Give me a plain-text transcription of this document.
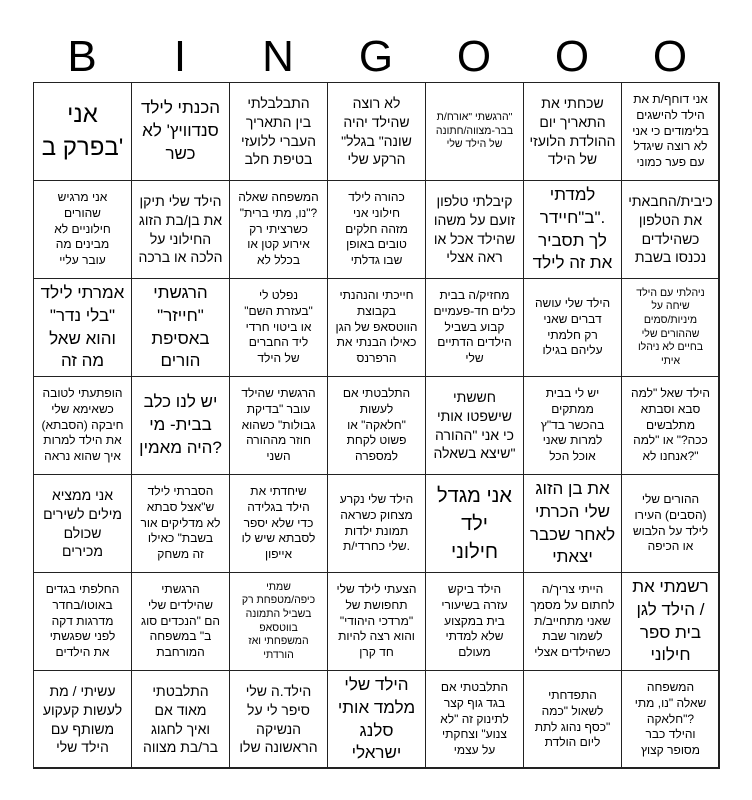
B	I	N	G	O	O	O
אני דוחף/ת את
הילד להישגים
בלימודים כי אני
לא רוצה שיגדל
עם פער כמוני
שכחתי את
התאריך יום
ההולדת הלועזי
של הילד
"הרגשתי "אורח/ת
בבר-מצווה/חתונה
של הילד שלי
לא רוצה
שהילד יהיה
שונה" בגלל"
הרקע שלי
התבלבלתי
בין התאריך
העברי ללועזי
בטיפת חלב
הכנתי לילד
סנדוויץ' לא
כשר
אני
'בפרק ב
כיבית/החבאתי
את הטלפון
כשהילדים
נכנסו בשבת
למדתי
."ב"חיידר
לך תסביר
את זה לילד
קיבלתי טלפון
זועם על משהו
שהילד אכל או
ראה אצלי
כהורה לילד
חילוני אני
מזהה חלקים
טובים באופן
שבו גדלתי
המשפחה שאלה
?"נו, מתי ברית"
כשרציתי רק
אירוע קטן או
בכלל לא
הילד שלי תיקן
את בן/בת הזוג
החילוני על
הלכה או ברכה
אני מרגיש
שהורים
חילוניים לא
מבינים מה
עובר עליי
ניהלתי עם הילד
שיחה על
מיניות/סמים
שההורים שלי
בחיים לא ניהלו
איתי
הילד שלי עושה
דברים שאני
רק חלמתי
עליהם בגילו
מחזיק/ה בבית
כלים חד-פעמיים
קבוע בשביל
הילדים הדתיים
שלי
חייכתי והנהנתי
בקבוצת
הווטסאפ של הגן
כאילו הבנתי את
הרפרנס
נפלט לי
"בעזרת השם"
או ביטוי חרדי
ליד החברים
של הילד
הרגשתי
"חייזר"
באסיפת
הורים
אמרתי לילד
"בלי נדר"
והוא שאל
מה זה
הילד שאל "למה
סבא וסבתא
מתלבשים
ככה?" או "למה
"?אנחנו לא
יש לי בבית
ממתקים
בהכשר בד"ץ
למרות שאני
אוכל הכל
חששתי
שישפטו אותי
כי אני "ההורה
"שיצא בשאלה
התלבטתי אם
לעשות
"חלאקה" או
פשוט לקחת
למספרה
הרגשתי שהילד
עובר "בדיקת
גבולות" כשהוא
חוזר מההורה
השני
יש לנו כלב
בבית- מי
?היה מאמין
הופתעתי לטובה
כשאימא שלי
חיבקה (הסבתא)
את הילד למרות
איך שהוא נראה
ההורים שלי
(הסבים) העירו
לילד על הלבוש
או הכיפה
את בן הזוג
שלי הכרתי
לאחר שכבר
יצאתי
אני מגדל
ילד
חילוני
הילד שלי נקרע
מצחוק כשראה
תמונת ילדות
.שלי כחרדי/ת
שיחדתי את
הילד בגלידה
כדי שלא יספר
לסבתא שיש לו
אייפון
הסברתי לילד
ש"אצל סבתא
לא מדליקים אור
בשבת" כאילו
זה משחק
אני ממציא
מילים לשירים
שכולם
מכירים
רשמתי את
/ הילד לגן
בית ספר
חילוני
הייתי צריך/ה
לחתום על מסמך
שאני מתחייב/ת
לשמור שבת
כשהילדים אצלי
הילד ביקש
עזרה בשיעורי
בית במקצוע
שלא למדתי
מעולם
הצעתי לילד שלי
תחפושת של
"מרדכי היהודי"
והוא רצה להיות
חד קרן
שמתי
כיפה/מטפחת רק
בשביל התמונה
בווטסאפ
המשפחתי ואז
הורדתי
הרגשתי
שהילדים שלי
הם "הנכדים סוג
ב" במשפחה
המורחבת
החלפתי בגדים
באוטו/בחדר
מדרגות דקה
לפני שפגשתי
את הילדים
המשפחה
שאלה "נו, מתי
?"חלאקה
והילד כבר
מסופר קצוץ
התפדחתי
לשאול "כמה
"כסף נהוג לתת
ליום הולדת
התלבטתי אם
בגד גוף קצר
לתינוק זה "לא
צנוע" וצחקתי
על עצמי
הילד שלי
מלמד אותי
סלנג
ישראלי
הילד.ה שלי
סיפר לי על
הנשיקה
הראשונה שלו
התלבטתי
מאוד אם
ואיך לחגוג
בר/בת מצווה
עשיתי / מת
לעשות קעקוע
משותף עם
הילד שלי
